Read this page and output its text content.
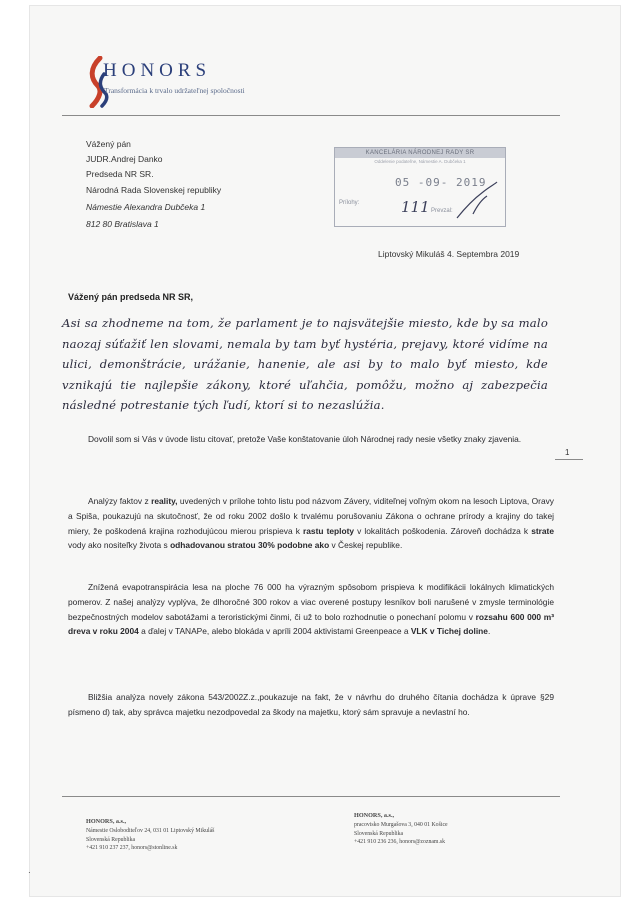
HONORS
Transformácia k trvalo udržateľnej spoločnosti
Vážený pán
JUDR.Andrej Danko
Predseda NR SR.
Národná Rada Slovenskej republiky
Námestie Alexandra Dubčeka 1
812 80 Bratislava 1
KANCELÁRIA NÁRODNEJ RADY SR
Oddelenie podateľne, Námestie A. Dubčeka 1
05 -09- 2019
Prílohy:
Prevzal:
111
Liptovský Mikuláš 4. Septembra 2019
Vážený pán predseda NR SR,
Asi sa zhodneme na tom, že parlament je to najsvätejšie miesto, kde by sa malo naozaj súťažiť len slovami, nemala by tam byť hystéria, prejavy, ktoré vidíme na ulici, demonštrácie, urážanie, hanenie, ale asi by to malo byť miesto, kde vznikajú tie najlepšie zákony, ktoré uľahčia, pomôžu, možno aj zabezpečia následné potrestanie tých ľudí, ktorí si to nezaslúžia.
Dovolil som si Vás v úvode listu citovať, pretože Vaše konštatovanie úloh Národnej rady nesie všetky znaky zjavenia.
1
Analýzy faktov z reality, uvedených v prílohe tohto listu pod názvom Závery, viditeľnej voľným okom na lesoch Liptova, Oravy a Spiša, poukazujú na skutočnosť, že od roku 2002 došlo k trvalému porušovaniu Zákona o ochrane prírody a krajiny do takej miery, že poškodená krajina rozhodujúcou mierou prispieva k rastu teploty v lokalitách poškodenia. Zároveň dochádza k strate vody ako nositeľky života s odhadovanou stratou 30% podobne ako v Českej republike.
Znížená evapotranspirácia lesa na ploche 76 000 ha výrazným spôsobom prispieva k modifikácii lokálnych klimatických pomerov. Z našej analýzy vyplýva, že dlhoročné 300 rokov a viac overené postupy lesníkov boli narušené v zmysle terminológie bezpečnostných modelov sabotážami a teroristickými činmi, či už to bolo rozhodnutie o ponechaní polomu v rozsahu 600 000 m³ dreva v roku 2004 a ďalej v TANAPe, alebo blokáda v apríli 2004 aktivistami Greenpeace a VLK v Tichej doline.
Bližšia analýza novely zákona 543/2002Z.z.,poukazuje na fakt, že v návrhu do druhého čítania dochádza k úprave §29 písmeno d) tak, aby správca majetku nezodpovedal za škody na majetku, ktorý sám spravuje a nevlastní ho.
HONORS, a.s.,
Námestie Osloboditeľov 24, 031 01 Liptovský Mikuláš
Slovenská Republika
+421 910 237 237, honors@stonline.sk
HONORS, a.s.,
pracovisko Murgašova 3, 040 01 Košice
Slovenská Republika
+421 910 236 236, honors@zoznam.sk
·
